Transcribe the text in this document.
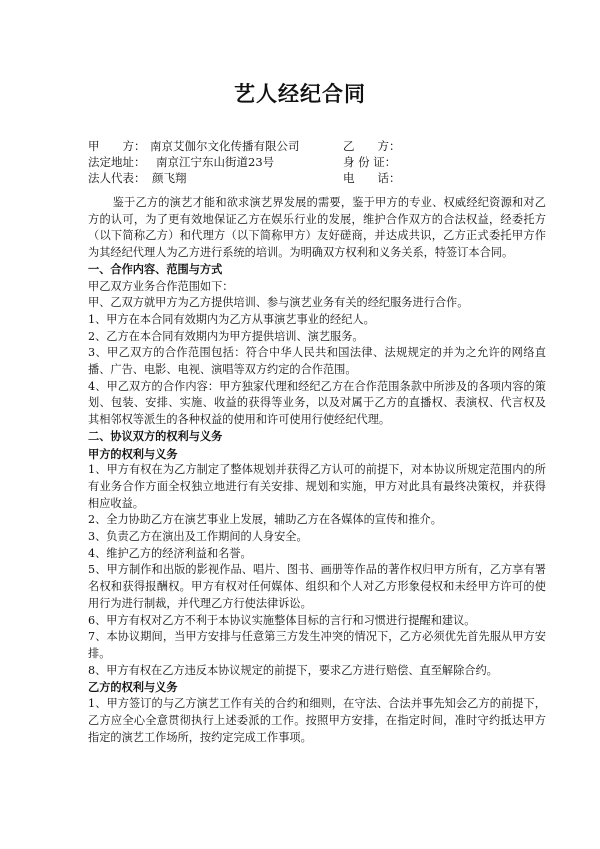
艺人经纪合同
甲　　方： 南京艾伽尔文化传播有限公司	乙　　方：
法定地址： 南京江宁东山街道23号	身 份 证：
法人代表： 颜飞翔	电　　话：

鉴于乙方的演艺才能和欲求演艺界发展的需要，鉴于甲方的专业、权威经纪资源和对乙方的认可，为了更有效地保证乙方在娱乐行业的发展，维护合作双方的合法权益，经委托方（以下简称乙方）和代理方（以下简称甲方）友好磋商，并达成共识，乙方正式委托甲方作为其经纪代理人为乙方进行系统的培训。为明确双方权利和义务关系，特签订本合同。

一、合作内容、范围与方式

甲乙双方业务合作范围如下：

甲、乙双方就甲方为乙方提供培训、参与演艺业务有关的经纪服务进行合作。

1、甲方在本合同有效期内为乙方从事演艺事业的经纪人。

2、乙方在本合同有效期内为甲方提供培训、演艺服务。

3、甲乙双方的合作范围包括：符合中华人民共和国法律、法规规定的并为之允许的网络直播、广告、电影、电视、演唱等双方约定的合作范围。

4、甲乙双方的合作内容：甲方独家代理和经纪乙方在合作范围条款中所涉及的各项内容的策划、包装、安排、实施、收益的获得等业务，以及对属于乙方的直播权、表演权、代言权及其相邻权等派生的各种权益的使用和许可使用行使经纪代理。

二、协议双方的权利与义务

甲方的权利与义务

1、甲方有权在为乙方制定了整体规划并获得乙方认可的前提下，对本协议所规定范围内的所有业务合作方面全权独立地进行有关安排、规划和实施，甲方对此具有最终决策权，并获得相应收益。

2、全力协助乙方在演艺事业上发展，辅助乙方在各媒体的宣传和推介。

3、负责乙方在演出及工作期间的人身安全。

4、维护乙方的经济利益和名誉。

5、甲方制作和出版的影视作品、唱片、图书、画册等作品的著作权归甲方所有，乙方享有署名权和获得报酬权。甲方有权对任何媒体、组织和个人对乙方形象侵权和未经甲方许可的使用行为进行制裁，并代理乙方行使法律诉讼。

6、甲方有权对乙方不利于本协议实施整体目标的言行和习惯进行提醒和建议。

7、本协议期间，当甲方安排与任意第三方发生冲突的情况下，乙方必须优先首先服从甲方安排。

8、甲方有权在乙方违反本协议规定的前提下，要求乙方进行赔偿、直至解除合约。

乙方的权利与义务

1、甲方签订的与乙方演艺工作有关的合约和细则，在守法、合法并事先知会乙方的前提下，乙方应全心全意贯彻执行上述委派的工作。按照甲方安排，在指定时间，准时守约抵达甲方指定的演艺工作场所，按约定完成工作事项。
